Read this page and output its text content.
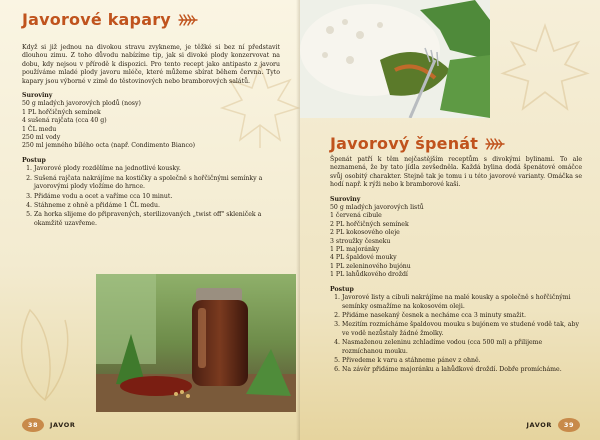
Javorové kapary
Když si již jednou na divokou stravu zvykneme, je těžké si bez ní představit dlouhou zimu. Z toho důvodu nabízíme tip, jak si divoké plody konzervovat na dobu, kdy nejsou v přírodě k dispozici. Pro tento recept jako antipasto z javoru používáme mladé plody javoru mléče, které můžeme sbírat během června. Tyto kapary jsou výborné v zimě do těstovinových nebo bramborových salátů.
Suroviny
50 g mladých javorových plodů (nosy)
1 PL hořčičných semínek
4 sušená rajčata (cca 40 g)
1 ČL medu
250 ml vody
250 ml jemného bílého octa (např. Condimento Bianco)
Postup
1. Javorové plody rozdělíme na jednotlivé kousky.
2. Sušená rajčata nakrájíme na kostičky a společně s hořčičnými semínky a javorovými plody vložíme do hrnce.
3. Přidáme vodu a ocet a vaříme cca 10 minut.
4. Stáhneme z ohně a přidáme 1 ČL medu.
5. Za horka slijeme do připravených, sterilizovaných „twist off" skleniček a okamžitě uzavřeme.
38	JAVOR
Javorový špenát
Špenát patří k těm nejčastějším receptům s divokými bylinami. To ale neznamená, že by tato jídla zevšedněla. Každá bylina dodá špenátové omáčce svůj osobitý charakter. Stejně tak je tomu i u této javorové varianty. Omáčka se hodí např. k rýži nebo k bramborové kaši.
Suroviny
50 g mladých javorových listů
1 červená cibule
2 PL hořčičných semínek
2 PL kokosového oleje
3 stroužky česneku
1 PL majoránky
4 PL špaldové mouky
1 PL zeleninového bujónu
1 PL lahůdkového droždí
Postup
1. Javorové listy a cibuli nakrájíme na malé kousky a společně s hořčičnými semínky osmažíme na kokosovém oleji.
2. Přidáme nasekaný česnek a necháme cca 3 minuty smažit.
3. Mezitím rozmícháme špaldovou mouku s bujónem ve studené vodě tak, aby ve vodě nezůstaly žádné žmolky.
4. Nasmaženou zeleninu zchladíme vodou (cca 500 ml) a přilijeme rozmíchanou mouku.
5. Přivedeme k varu a stáhneme pánev z ohně.
6. Na závěr přidáme majoránku a lahůdkové droždí. Dobře promícháme.
JAVOR	39
